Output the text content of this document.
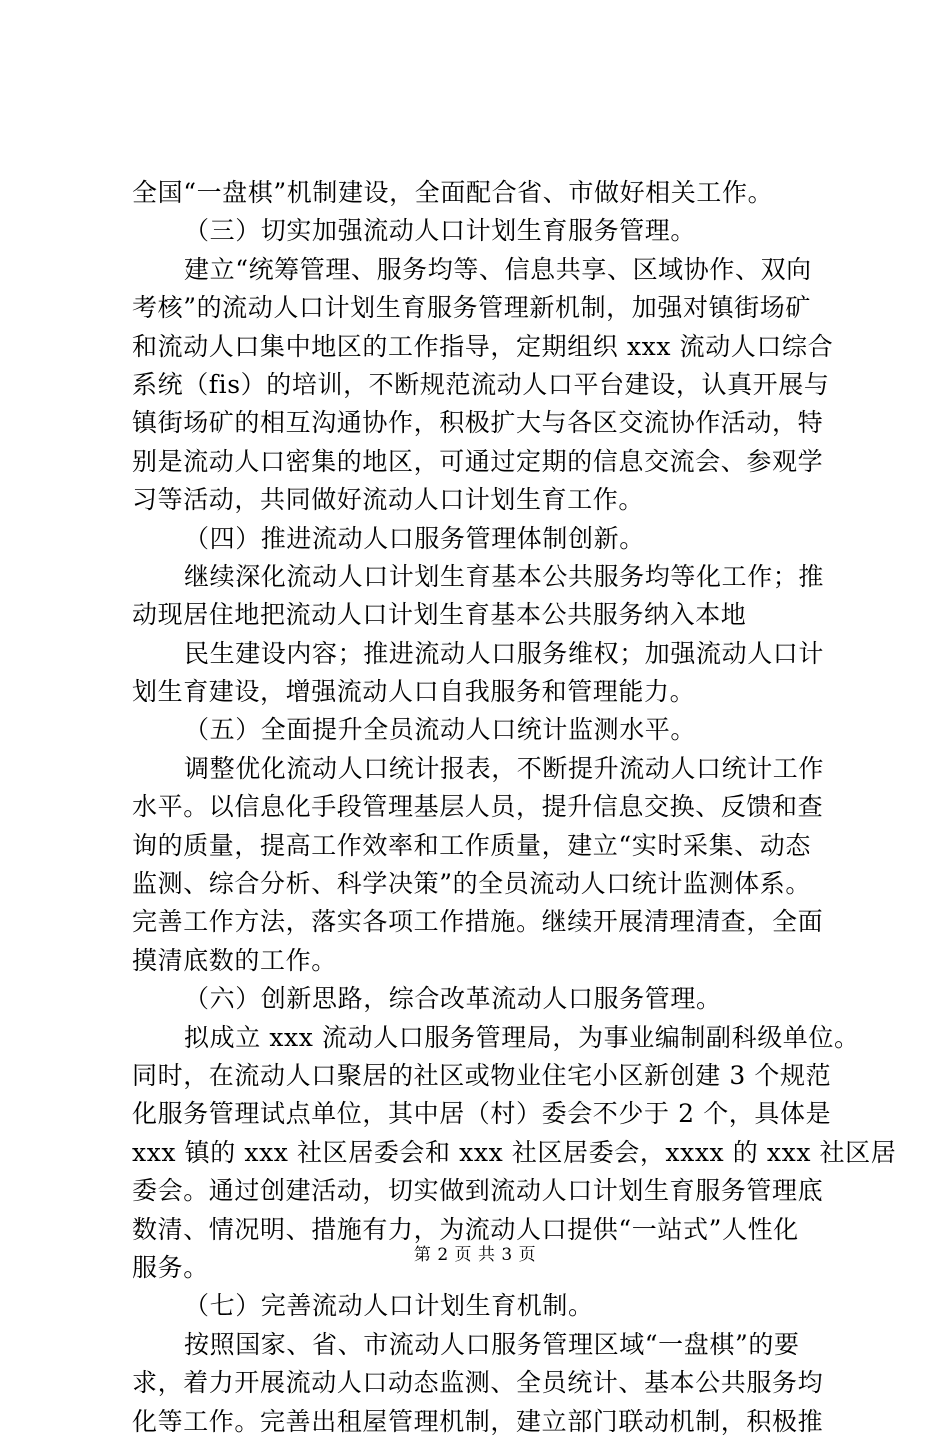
全国“一盘棋”机制建设，全面配合省、市做好相关工作。
（三）切实加强流动人口计划生育服务管理。
建立“统筹管理、服务均等、信息共享、区域协作、双向
考核”的流动人口计划生育服务管理新机制，加强对镇街场矿
和流动人口集中地区的工作指导，定期组织 xxx 流动人口综合
系统（fis）的培训，不断规范流动人口平台建设，认真开展与
镇街场矿的相互沟通协作，积极扩大与各区交流协作活动，特
别是流动人口密集的地区，可通过定期的信息交流会、参观学
习等活动，共同做好流动人口计划生育工作。
（四）推进流动人口服务管理体制创新。
继续深化流动人口计划生育基本公共服务均等化工作；推
动现居住地把流动人口计划生育基本公共服务纳入本地
民生建设内容；推进流动人口服务维权；加强流动人口计
划生育建设，增强流动人口自我服务和管理能力。
（五）全面提升全员流动人口统计监测水平。
调整优化流动人口统计报表，不断提升流动人口统计工作
水平。以信息化手段管理基层人员，提升信息交换、反馈和查
询的质量，提高工作效率和工作质量，建立“实时采集、动态
监测、综合分析、科学决策”的全员流动人口统计监测体系。
完善工作方法，落实各项工作措施。继续开展清理清查，全面
摸清底数的工作。
（六）创新思路，综合改革流动人口服务管理。
拟成立 xxx 流动人口服务管理局，为事业编制副科级单位。
同时，在流动人口聚居的社区或物业住宅小区新创建 3 个规范
化服务管理试点单位，其中居（村）委会不少于 2 个，具体是
xxx 镇的 xxx 社区居委会和 xxx 社区居委会，xxxx 的 xxx 社区居
委会。通过创建活动，切实做到流动人口计划生育服务管理底
数清、情况明、措施有力，为流动人口提供“一站式”人性化
服务。
（七）完善流动人口计划生育机制。
按照国家、省、市流动人口服务管理区域“一盘棋”的要
求，着力开展流动人口动态监测、全员统计、基本公共服务均
化等工作。完善出租屋管理机制，建立部门联动机制，积极推
第 2 页 共 3 页
